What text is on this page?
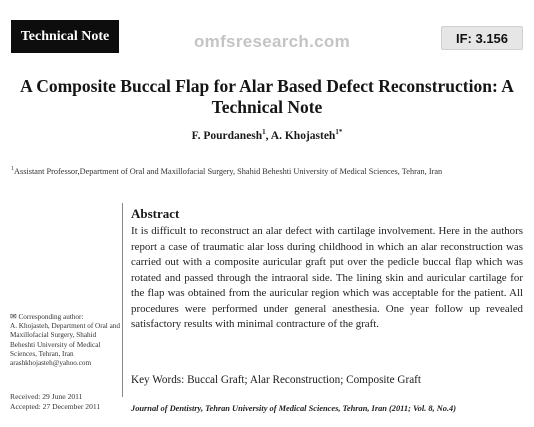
Technical Note	omfsresearch.com	IF: 3.156
A Composite Buccal Flap for Alar Based Defect Reconstruction: A Technical Note
F. Pourdanesh$^1$, A. Khojasteh$^{1*}$
$^1$Assistant Professor,Department of Oral and Maxillofacial Surgery, Shahid Beheshti University of Medical Sciences, Tehran, Iran
Abstract
It is difficult to reconstruct an alar defect with cartilage involvement. Here in the authors report a case of traumatic alar loss during childhood in which an alar reconstruction was carried out with a composite auricular graft put over the pedicle buccal flap which was rotated and passed through the intraoral side. The lining skin and auricular cartilage for the flap was obtained from the auricular region which was acceptable for the patient. All procedures were performed under general anesthesia. One year follow up revealed satisfactory results with minimal contracture of the graft.
Key Words: Buccal Graft; Alar Reconstruction; Composite Graft
Journal of Dentistry, Tehran University of Medical Sciences, Tehran, Iran (2011; Vol. 8, No.4)
✉ Corresponding author:
A. Khojasteh, Department of Oral and Maxillofacial Surgery, Shahid Beheshti University of Medical Sciences, Tehran, Iran
arashkhojasteh@yahoo.com
Received: 29 June 2011
Accepted: 27 December 2011
